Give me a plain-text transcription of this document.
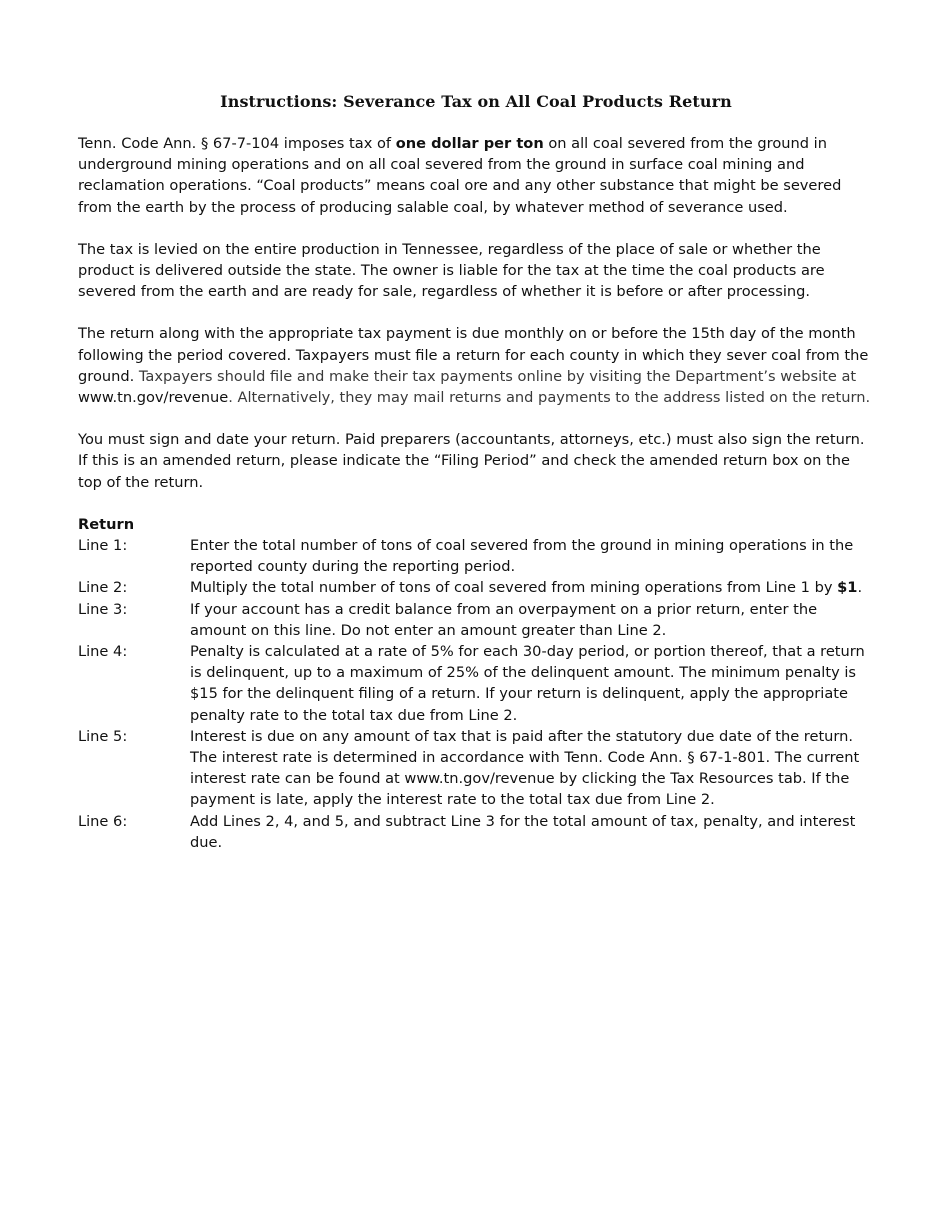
Instructions: Severance Tax on All Coal Products Return

Tenn. Code Ann. § 67-7-104 imposes tax of one dollar per ton on all coal severed from the ground in underground mining operations and on all coal severed from the ground in surface coal mining and reclamation operations. “Coal products” means coal ore and any other substance that might be severed from the earth by the process of producing salable coal, by whatever method of severance used.

The tax is levied on the entire production in Tennessee, regardless of the place of sale or whether the product is delivered outside the state. The owner is liable for the tax at the time the coal products are severed from the earth and are ready for sale, regardless of whether it is before or after processing.

The return along with the appropriate tax payment is due monthly on or before the 15th day of the month following the period covered. Taxpayers must file a return for each county in which they sever coal from the ground. Taxpayers should file and make their tax payments online by visiting the Department’s website at www.tn.gov/revenue. Alternatively, they may mail returns and payments to the address listed on the return.

You must sign and date your return. Paid preparers (accountants, attorneys, etc.) must also sign the return. If this is an amended return, please indicate the “Filing Period” and check the amended return box on the top of the return.

Return
Line 1:	Enter the total number of tons of coal severed from the ground in mining operations in the reported county during the reporting period.
Line 2:	Multiply the total number of tons of coal severed from mining operations from Line 1 by $1.
Line 3:	If your account has a credit balance from an overpayment on a prior return, enter the amount on this line. Do not enter an amount greater than Line 2.
Line 4:	Penalty is calculated at a rate of 5% for each 30-day period, or portion thereof, that a return is delinquent, up to a maximum of 25% of the delinquent amount. The minimum penalty is $15 for the delinquent filing of a return. If your return is delinquent, apply the appropriate penalty rate to the total tax due from Line 2.
Line 5:	Interest is due on any amount of tax that is paid after the statutory due date of the return. The interest rate is determined in accordance with Tenn. Code Ann. § 67-1-801. The current interest rate can be found at www.tn.gov/revenue by clicking the Tax Resources tab. If the payment is late, apply the interest rate to the total tax due from Line 2.
Line 6:	Add Lines 2, 4, and 5, and subtract Line 3 for the total amount of tax, penalty, and interest due.
